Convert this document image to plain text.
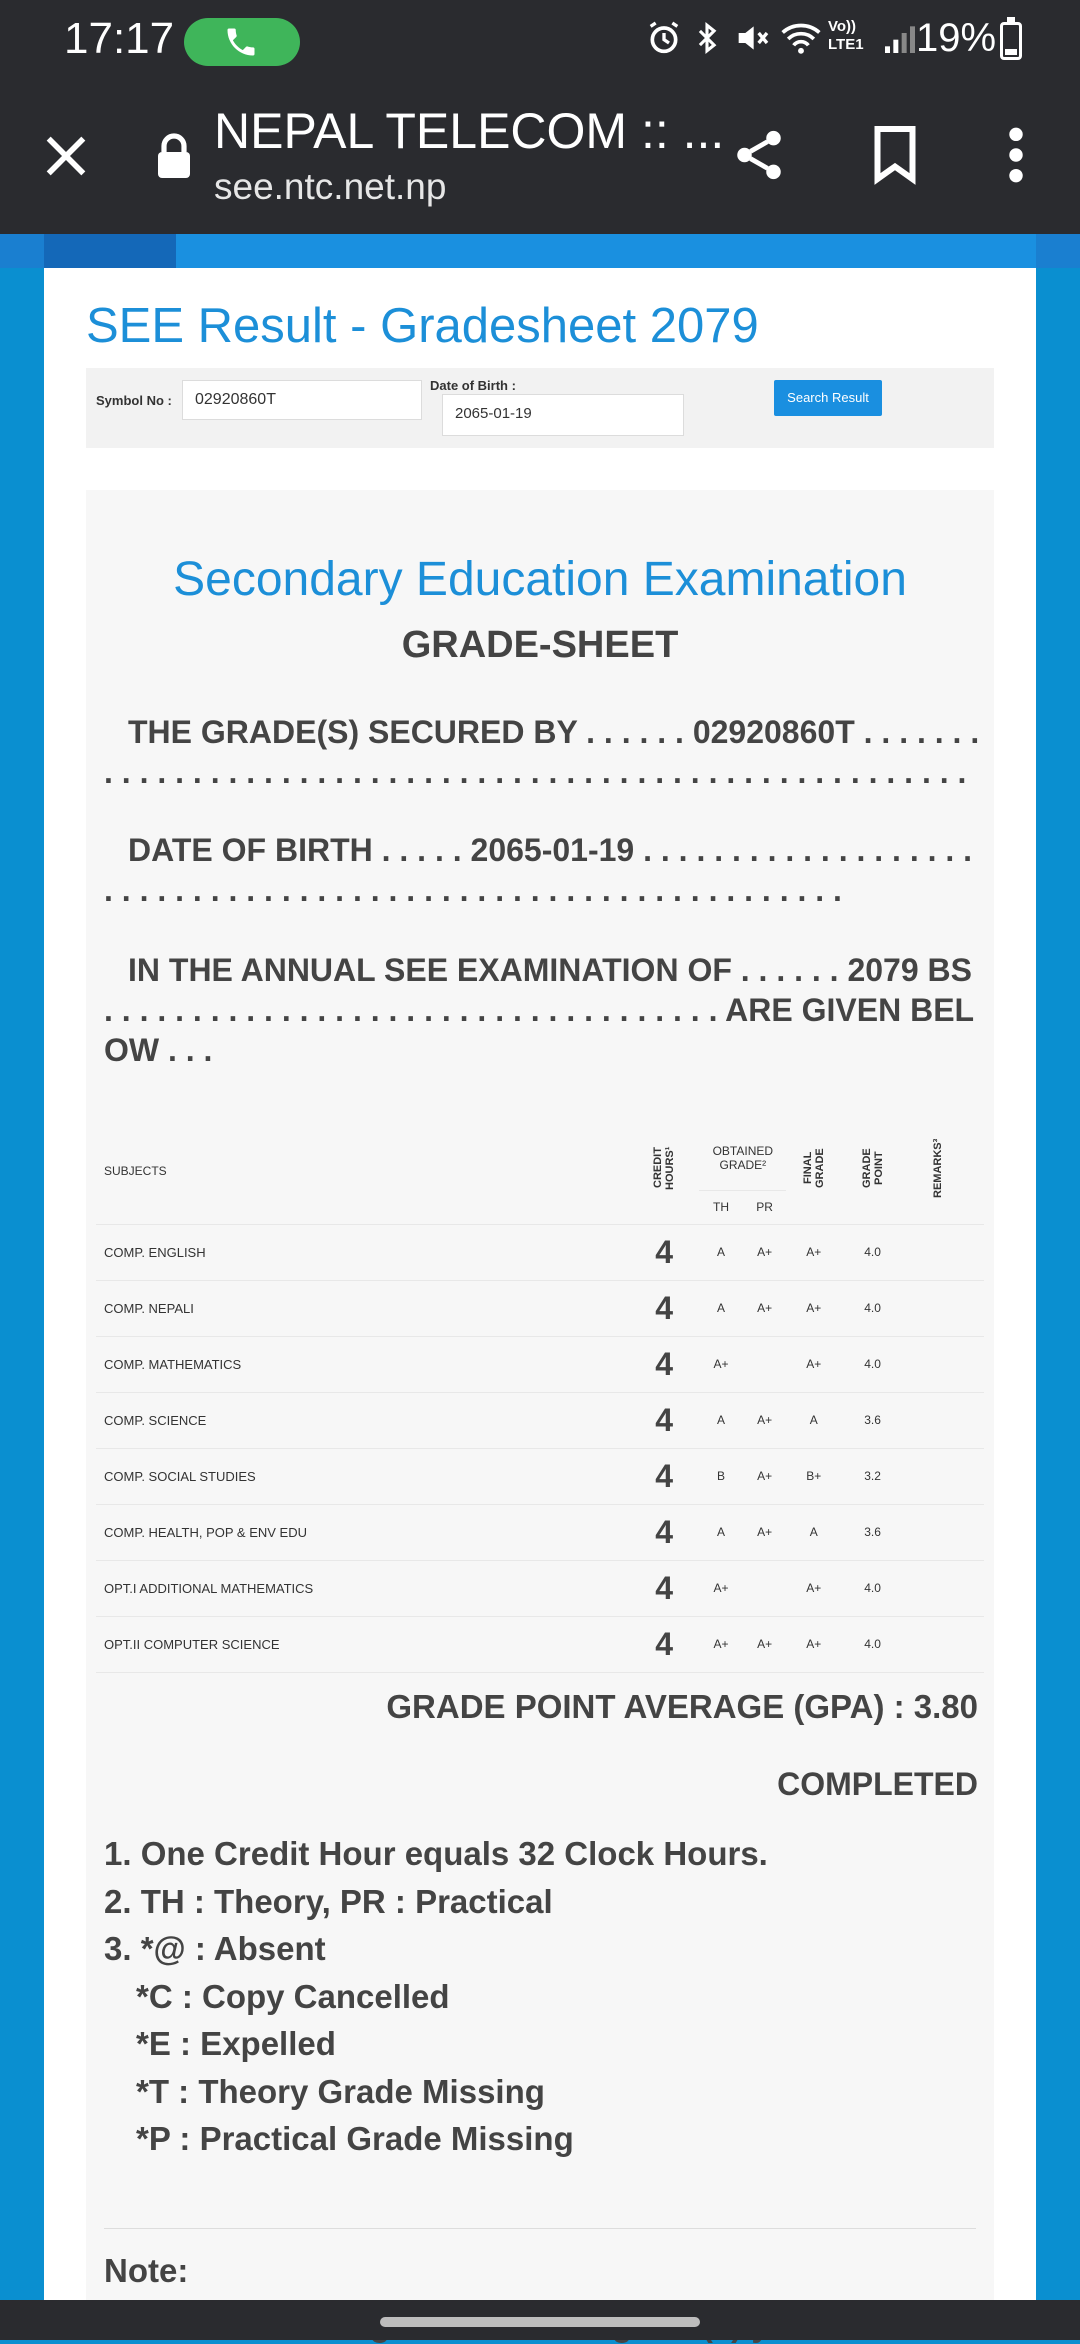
17:17	Vo)) LTE1	19%
NEPAL TELECOM :: ...
see.ntc.net.np
SEE Result - Gradesheet 2079
Symbol No :	02920860T
Date of Birth :
2065-01-19
Search Result
Secondary Education Examination
GRADE-SHEET
THE GRADE(S) SECURED BY . . . . . . 02920860T . . . . . . . . . . . . . . . . . . . . . . . . . . . . . . . . . . . . . . . . . . . . . . . . . . . . . . . .
DATE OF BIRTH . . . . . 2065-01-19 . . . . . . . . . . . . . . . . . . . . . . . . . . . . . . . . . . . . . . . . . . . . . . . . . . . . . . . . . . . . .
IN THE ANNUAL SEE EXAMINATION OF . . . . . . 2079 BS . . . . . . . . . . . . . . . . . . . . . . . . . . . . . . . . . . . ARE GIVEN BELOW . . .
SUBJECTS	CREDIT HOURS¹	OBTAINED GRADE²		FINAL GRADE	GRADE POINT	REMARKS³
		TH	PR			
COMP. ENGLISH	4	A	A+	A+	4.0	
COMP. NEPALI	4	A	A+	A+	4.0	
COMP. MATHEMATICS	4	A+		A+	4.0	
COMP. SCIENCE	4	A	A+	A	3.6	
COMP. SOCIAL STUDIES	4	B	A+	B+	3.2	
COMP. HEALTH, POP & ENV EDU	4	A	A+	A	3.6	
OPT.I ADDITIONAL MATHEMATICS	4	A+		A+	4.0	
OPT.II COMPUTER SCIENCE	4	A+	A+	A+	4.0	
GRADE POINT AVERAGE (GPA) : 3.80
COMPLETED
1. One Credit Hour equals 32 Clock Hours.
2. TH : Theory, PR : Practical
3. *@ : Absent
*C : Copy Cancelled
*E : Expelled
*T : Theory Grade Missing
*P : Practical Grade Missing
Note:
